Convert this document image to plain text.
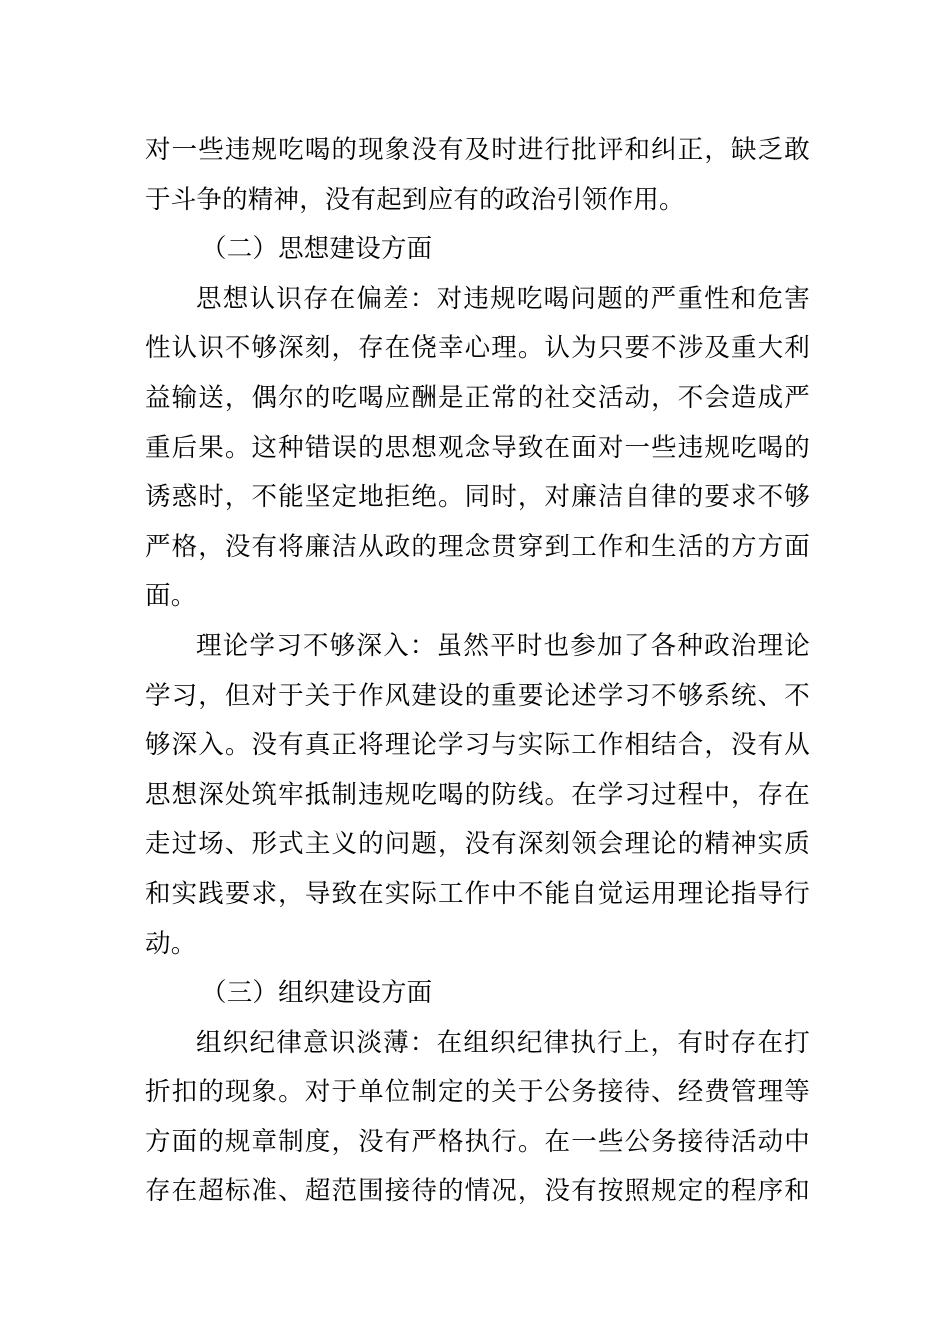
对一些违规吃喝的现象没有及时进行批评和纠正，缺乏敢
于斗争的精神，没有起到应有的政治引领作用。
（二）思想建设方面
思想认识存在偏差：对违规吃喝问题的严重性和危害
性认识不够深刻，存在侥幸心理。认为只要不涉及重大利
益输送，偶尔的吃喝应酬是正常的社交活动，不会造成严
重后果。这种错误的思想观念导致在面对一些违规吃喝的
诱惑时，不能坚定地拒绝。同时，对廉洁自律的要求不够
严格，没有将廉洁从政的理念贯穿到工作和生活的方方面
面。
理论学习不够深入：虽然平时也参加了各种政治理论
学习，但对于关于作风建设的重要论述学习不够系统、不
够深入。没有真正将理论学习与实际工作相结合，没有从
思想深处筑牢抵制违规吃喝的防线。在学习过程中，存在
走过场、形式主义的问题，没有深刻领会理论的精神实质
和实践要求，导致在实际工作中不能自觉运用理论指导行
动。
（三）组织建设方面
组织纪律意识淡薄：在组织纪律执行上，有时存在打
折扣的现象。对于单位制定的关于公务接待、经费管理等
方面的规章制度，没有严格执行。在一些公务接待活动中
存在超标准、超范围接待的情况，没有按照规定的程序和
